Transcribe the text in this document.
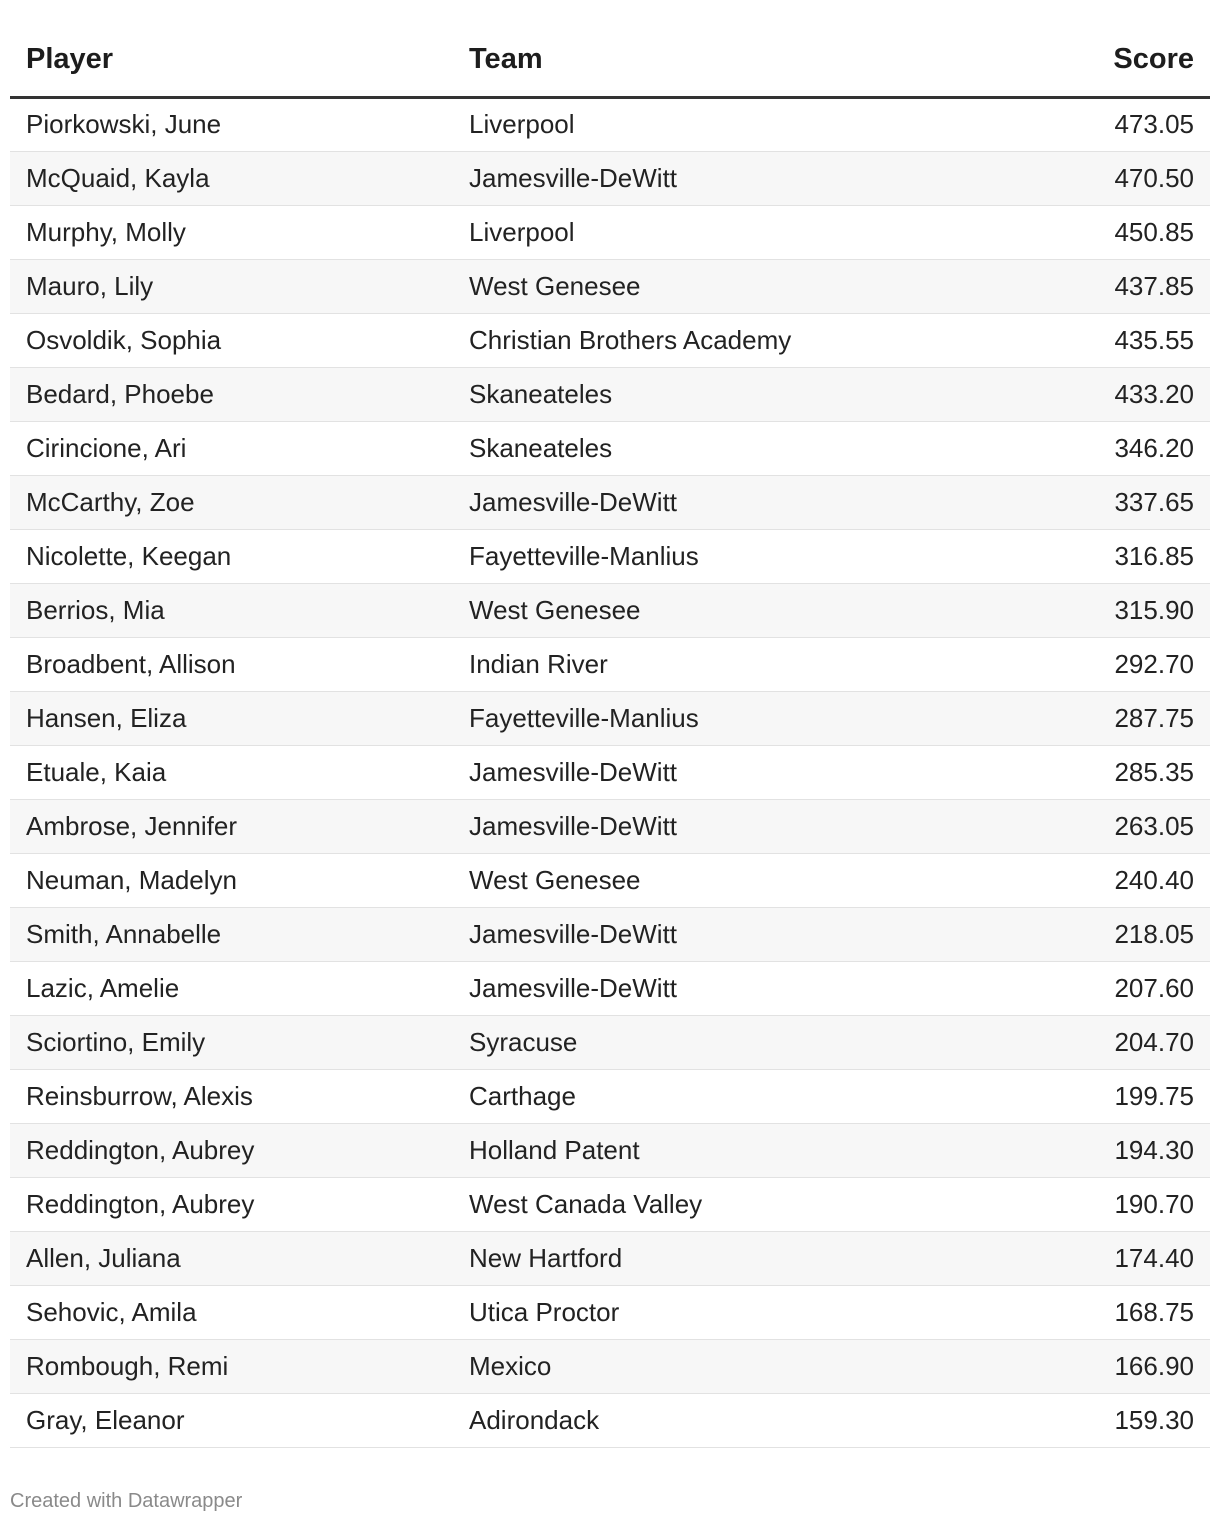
Player	Team	Score
Piorkowski, June	Liverpool	473.05
McQuaid, Kayla	Jamesville-DeWitt	470.50
Murphy, Molly	Liverpool	450.85
Mauro, Lily	West Genesee	437.85
Osvoldik, Sophia	Christian Brothers Academy	435.55
Bedard, Phoebe	Skaneateles	433.20
Cirincione, Ari	Skaneateles	346.20
McCarthy, Zoe	Jamesville-DeWitt	337.65
Nicolette, Keegan	Fayetteville-Manlius	316.85
Berrios, Mia	West Genesee	315.90
Broadbent, Allison	Indian River	292.70
Hansen, Eliza	Fayetteville-Manlius	287.75
Etuale, Kaia	Jamesville-DeWitt	285.35
Ambrose, Jennifer	Jamesville-DeWitt	263.05
Neuman, Madelyn	West Genesee	240.40
Smith, Annabelle	Jamesville-DeWitt	218.05
Lazic, Amelie	Jamesville-DeWitt	207.60
Sciortino, Emily	Syracuse	204.70
Reinsburrow, Alexis	Carthage	199.75
Reddington, Aubrey	Holland Patent	194.30
Reddington, Aubrey	West Canada Valley	190.70
Allen, Juliana	New Hartford	174.40
Sehovic, Amila	Utica Proctor	168.75
Rombough, Remi	Mexico	166.90
Gray, Eleanor	Adirondack	159.30
Created with Datawrapper
